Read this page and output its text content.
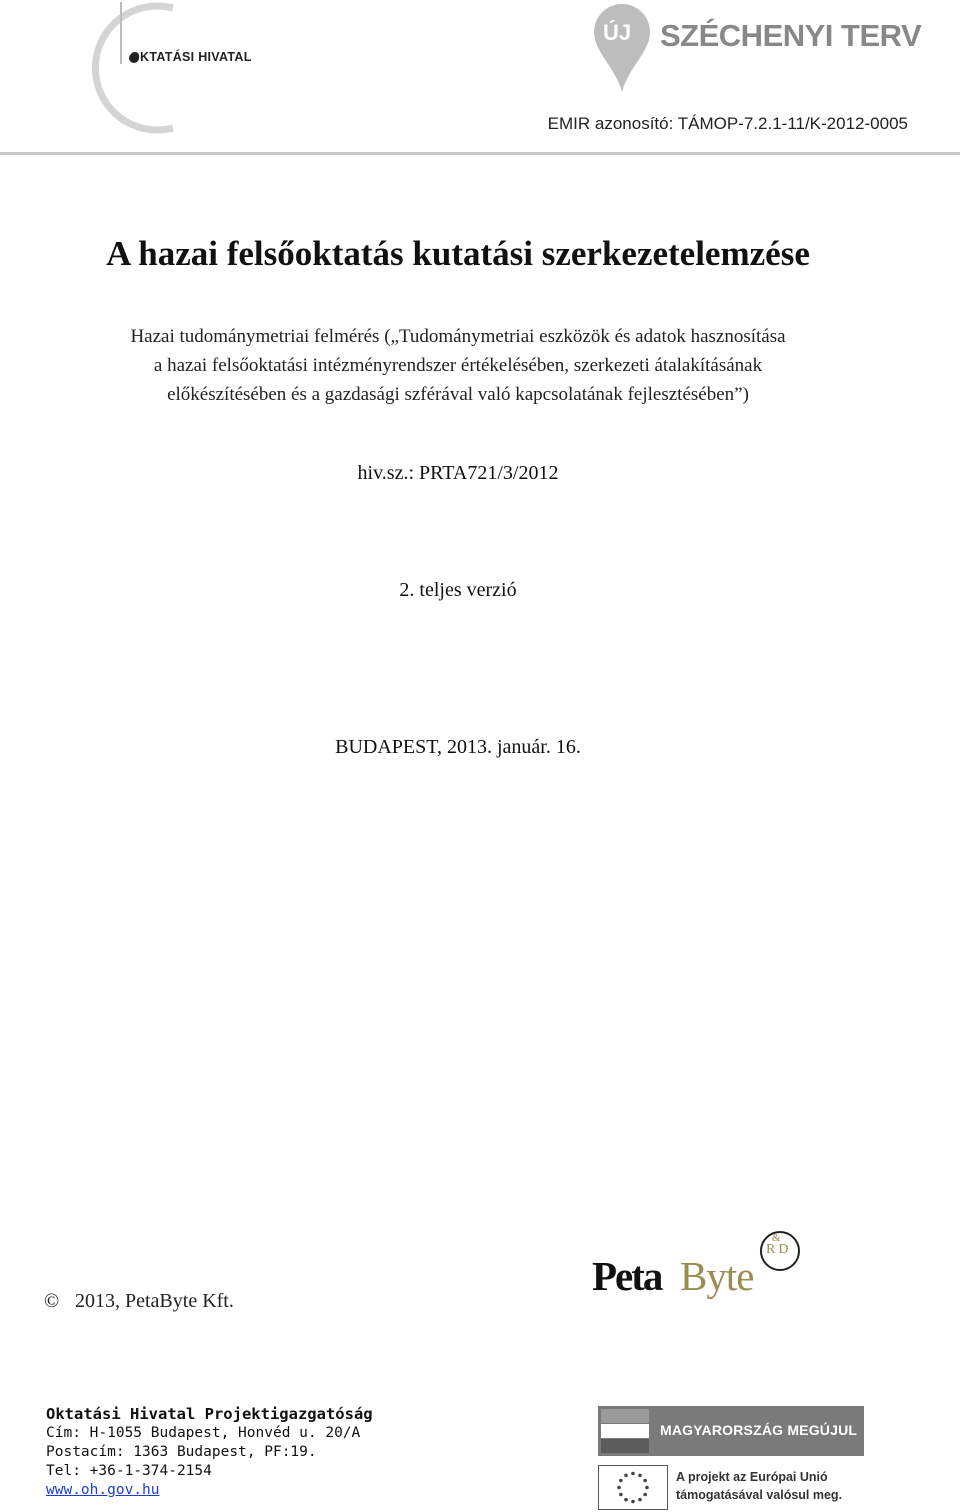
OKTATÁSI HIVATAL
ÚJ SZÉCHENYI TERV
EMIR azonosító: TÁMOP-7.2.1-11/K-2012-0005
A hazai felsőoktatás kutatási szerkezetelemzése
Hazai tudománymetriai felmérés („Tudománymetriai eszközök és adatok hasznosítása
a hazai felsőoktatási intézményrendszer értékelésében, szerkezeti átalakításának
előkészítésében és a gazdasági szférával való kapcsolatának fejlesztésében”)
hiv.sz.: PRTA721/3/2012
2. teljes verzió
BUDAPEST, 2013. január. 16.
© 2013, PetaByte Kft.
Peta Byte
&
RD
Oktatási Hivatal Projektigazgatóság
Cím: H-1055 Budapest, Honvéd u. 20/A
Postacím: 1363 Budapest, PF:19.
Tel: +36-1-374-2154
www.oh.gov.hu
MAGYARORSZÁG MEGÚJUL
A projekt az Európai Unió
támogatásával valósul meg.
